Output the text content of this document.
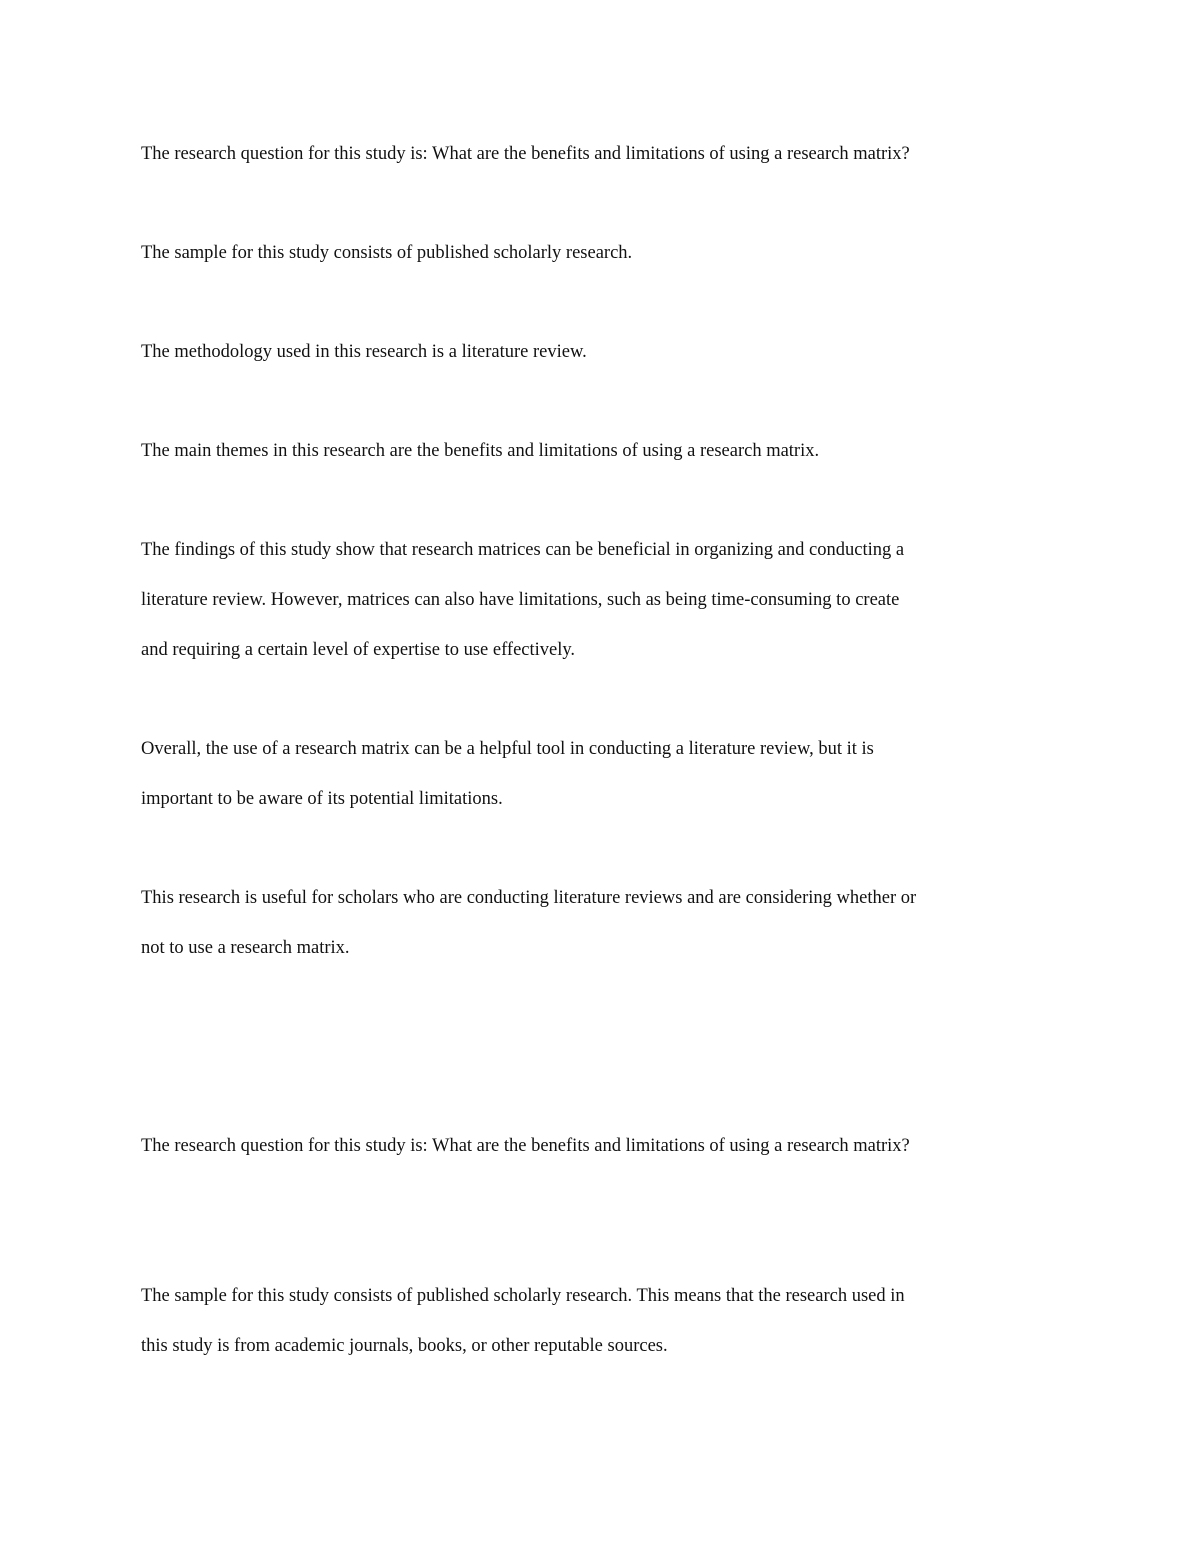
The research question for this study is: What are the benefits and limitations of using a research matrix?

The sample for this study consists of published scholarly research.

The methodology used in this research is a literature review.

The main themes in this research are the benefits and limitations of using a research matrix.

The findings of this study show that research matrices can be beneficial in organizing and conducting a
literature review. However, matrices can also have limitations, such as being time-consuming to create
and requiring a certain level of expertise to use effectively.

Overall, the use of a research matrix can be a helpful tool in conducting a literature review, but it is
important to be aware of its potential limitations.

This research is useful for scholars who are conducting literature reviews and are considering whether or
not to use a research matrix.

The research question for this study is: What are the benefits and limitations of using a research matrix?

The sample for this study consists of published scholarly research. This means that the research used in
this study is from academic journals, books, or other reputable sources.
